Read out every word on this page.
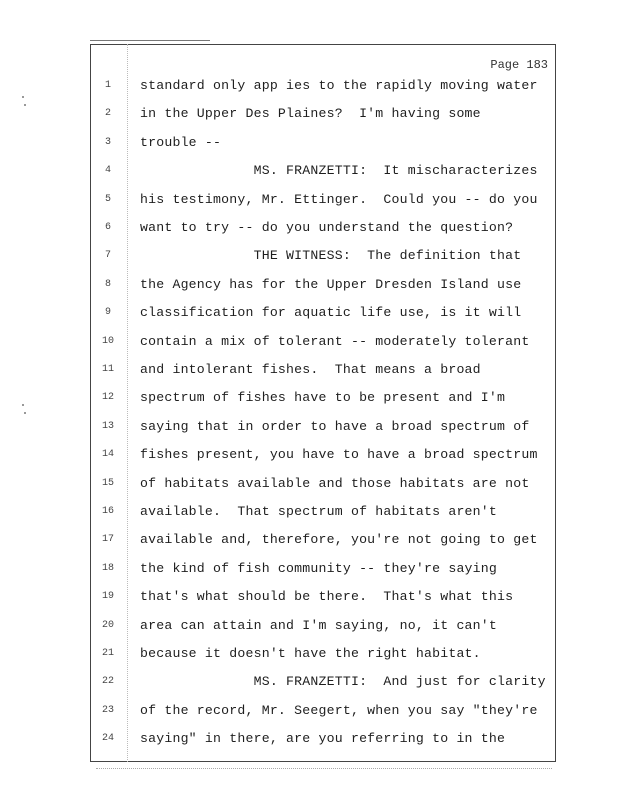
Page 183
1	standard only app ies to the rapidly moving water
2	in the Upper Des Plaines?  I'm having some
3	trouble --
4	MS. FRANZETTI:  It mischaracterizes
5	his testimony, Mr. Ettinger.  Could you -- do you
6	want to try -- do you understand the question?
7	THE WITNESS:  The definition that
8	the Agency has for the Upper Dresden Island use
9	classification for aquatic life use, is it will
10	contain a mix of tolerant -- moderately tolerant
11	and intolerant fishes.  That means a broad
12	spectrum of fishes have to be present and I'm
13	saying that in order to have a broad spectrum of
14	fishes present, you have to have a broad spectrum
15	of habitats available and those habitats are not
16	available.  That spectrum of habitats aren't
17	available and, therefore, you're not going to get
18	the kind of fish community -- they're saying
19	that's what should be there.  That's what this
20	area can attain and I'm saying, no, it can't
21	because it doesn't have the right habitat.
22	MS. FRANZETTI:  And just for clarity
23	of the record, Mr. Seegert, when you say "they're
24	saying" in there, are you referring to in the
